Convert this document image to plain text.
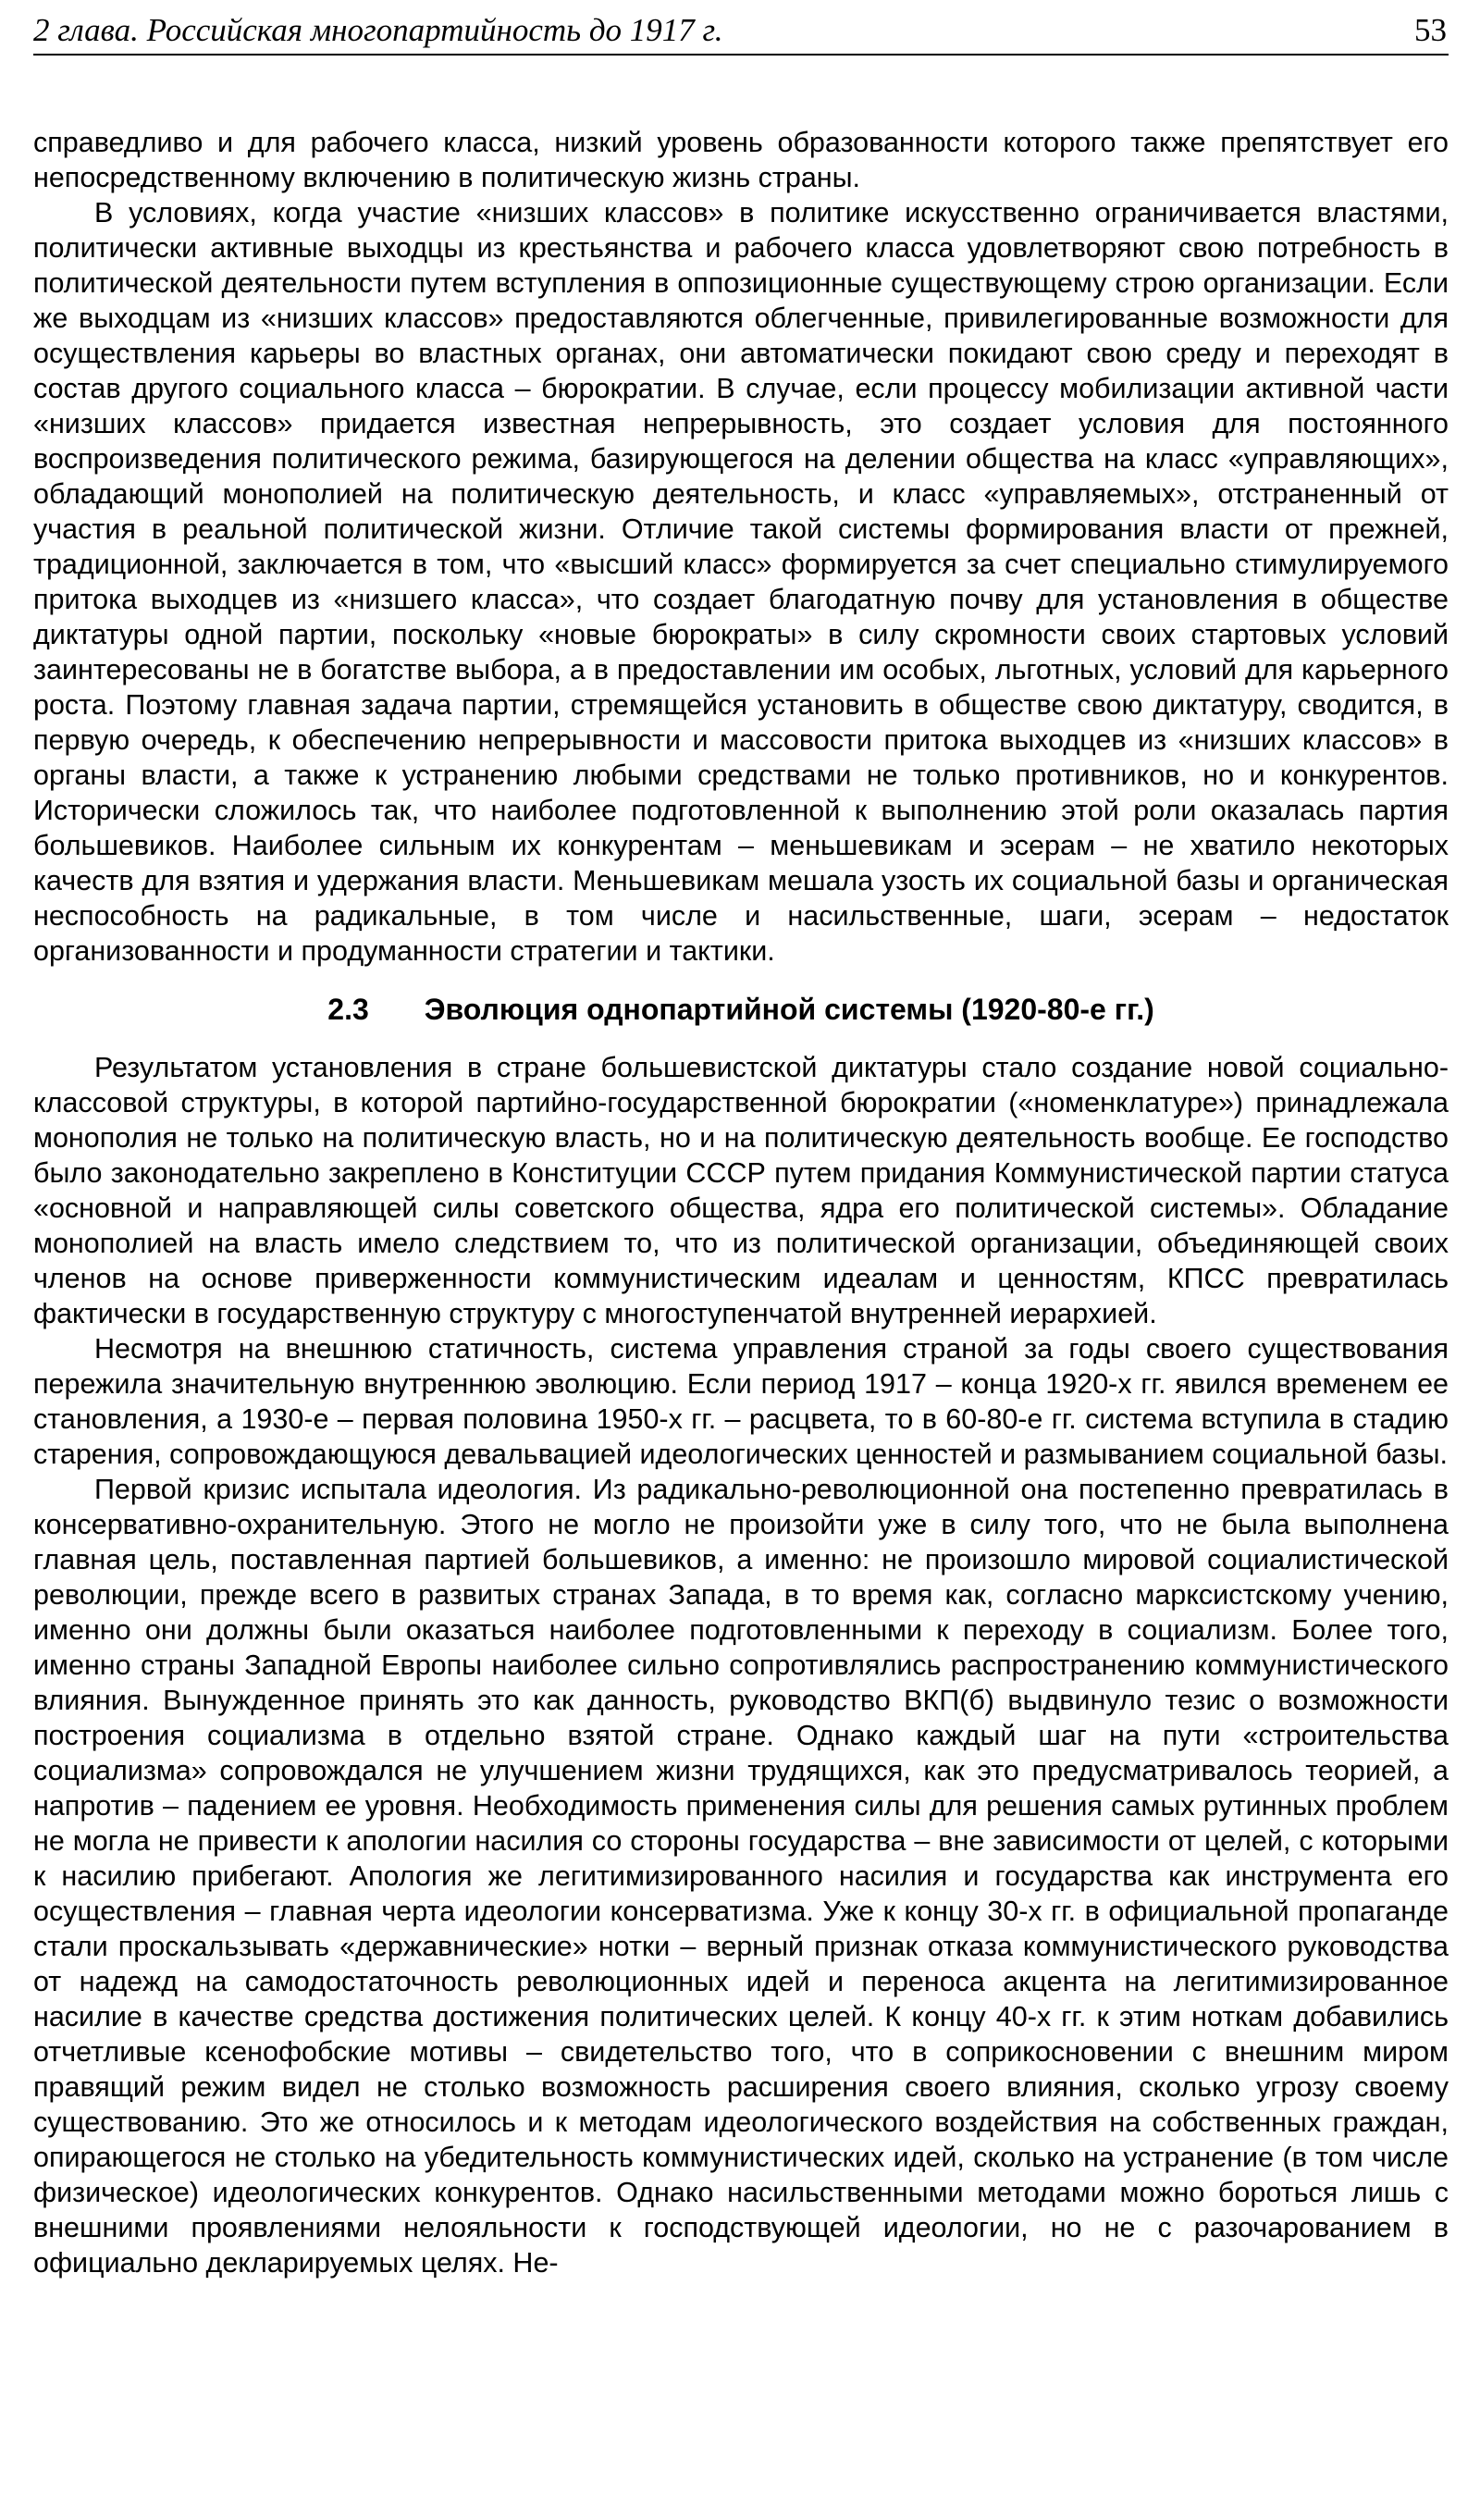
2 глава. Российская многопартийность до 1917 г.	53

справедливо и для рабочего класса, низкий уровень образованности которого также препятствует его непосредственному включению в политическую жизнь страны.

В условиях, когда участие «низших классов» в политике искусственно ограничивается властями, политически активные выходцы из крестьянства и рабочего класса удовлетворяют свою потребность в политической деятельности путем вступления в оппозиционные существующему строю организации. Если же выходцам из «низших классов» предоставляются облегченные, привилегированные возможности для осуществления карьеры во властных органах, они автоматически покидают свою среду и переходят в состав другого социального класса – бюрократии. В случае, если процессу мобилизации активной части «низших классов» придается известная непрерывность, это создает условия для постоянного воспроизведения политического режима, базирующегося на делении общества на класс «управляющих», обладающий монополией на политическую деятельность, и класс «управляемых», отстраненный от участия в реальной политической жизни. Отличие такой системы формирования власти от прежней, традиционной, заключается в том, что «высший класс» формируется за счет специально стимулируемого притока выходцев из «низшего класса», что создает благодатную почву для установления в обществе диктатуры одной партии, поскольку «новые бюрократы» в силу скромности своих стартовых условий заинтересованы не в богатстве выбора, а в предоставлении им особых, льготных, условий для карьерного роста. Поэтому главная задача партии, стремящейся установить в обществе свою диктатуру, сводится, в первую очередь, к обеспечению непрерывности и массовости притока выходцев из «низших классов» в органы власти, а также к устранению любыми средствами не только противников, но и конкурентов. Исторически сложилось так, что наиболее подготовленной к выполнению этой роли оказалась партия большевиков. Наиболее сильным их конкурентам – меньшевикам и эсерам – не хватило некоторых качеств для взятия и удержания власти. Меньшевикам мешала узость их социальной базы и органическая неспособность на радикальные, в том числе и насильственные, шаги, эсерам – недостаток организованности и продуманности стратегии и тактики.

2.3 Эволюция однопартийной системы (1920-80-е гг.)

Результатом установления в стране большевистской диктатуры стало создание новой социально-классовой структуры, в которой партийно-государственной бюрократии («номенклатуре») принадлежала монополия не только на политическую власть, но и на политическую деятельность вообще. Ее господство было законодательно закреплено в Конституции СССР путем придания Коммунистической партии статуса «основной и направляющей силы советского общества, ядра его политической системы». Обладание монополией на власть имело следствием то, что из политической организации, объединяющей своих членов на основе приверженности коммунистическим идеалам и ценностям, КПСС превратилась фактически в государственную структуру с многоступенчатой внутренней иерархией.

Несмотря на внешнюю статичность, система управления страной за годы своего существования пережила значительную внутреннюю эволюцию. Если период 1917 – конца 1920-х гг. явился временем ее становления, а 1930-е – первая половина 1950-х гг. – расцвета, то в 60-80-е гг. система вступила в стадию старения, сопровождающуюся девальвацией идеологических ценностей и размыванием социальной базы.

Первой кризис испытала идеология. Из радикально-революционной она постепенно превратилась в консервативно-охранительную. Этого не могло не произойти уже в силу того, что не была выполнена главная цель, поставленная партией большевиков, а именно: не произошло мировой социалистической революции, прежде всего в развитых странах Запада, в то время как, согласно марксистскому учению, именно они должны были оказаться наиболее подготовленными к переходу в социализм. Более того, именно страны Западной Европы наиболее сильно сопротивлялись распространению коммунистического влияния. Вынужденное принять это как данность, руководство ВКП(б) выдвинуло тезис о возможности построения социализма в отдельно взятой стране. Однако каждый шаг на пути «строительства социализма» сопровождался не улучшением жизни трудящихся, как это предусматривалось теорией, а напротив – падением ее уровня. Необходимость применения силы для решения самых рутинных проблем не могла не привести к апологии насилия со стороны государства – вне зависимости от целей, с которыми к насилию прибегают. Апология же легитимизированного насилия и государства как инструмента его осуществления – главная черта идеологии консерватизма. Уже к концу 30-х гг. в официальной пропаганде стали проскальзывать «державнические» нотки – верный признак отказа коммунистического руководства от надежд на самодостаточность революционных идей и переноса акцента на легитимизированное насилие в качестве средства достижения политических целей. К концу 40-х гг. к этим ноткам добавились отчетливые ксенофобские мотивы – свидетельство того, что в соприкосновении с внешним миром правящий режим видел не столько возможность расширения своего влияния, сколько угрозу своему существованию. Это же относилось и к методам идеологического воздействия на собственных граждан, опирающегося не столько на убедительность коммунистических идей, сколько на устранение (в том числе физическое) идеологических конкурентов. Однако насильственными методами можно бороться лишь с внешними проявлениями нелояльности к господствующей идеологии, но не с разочарованием в официально декларируемых целях. Не-
